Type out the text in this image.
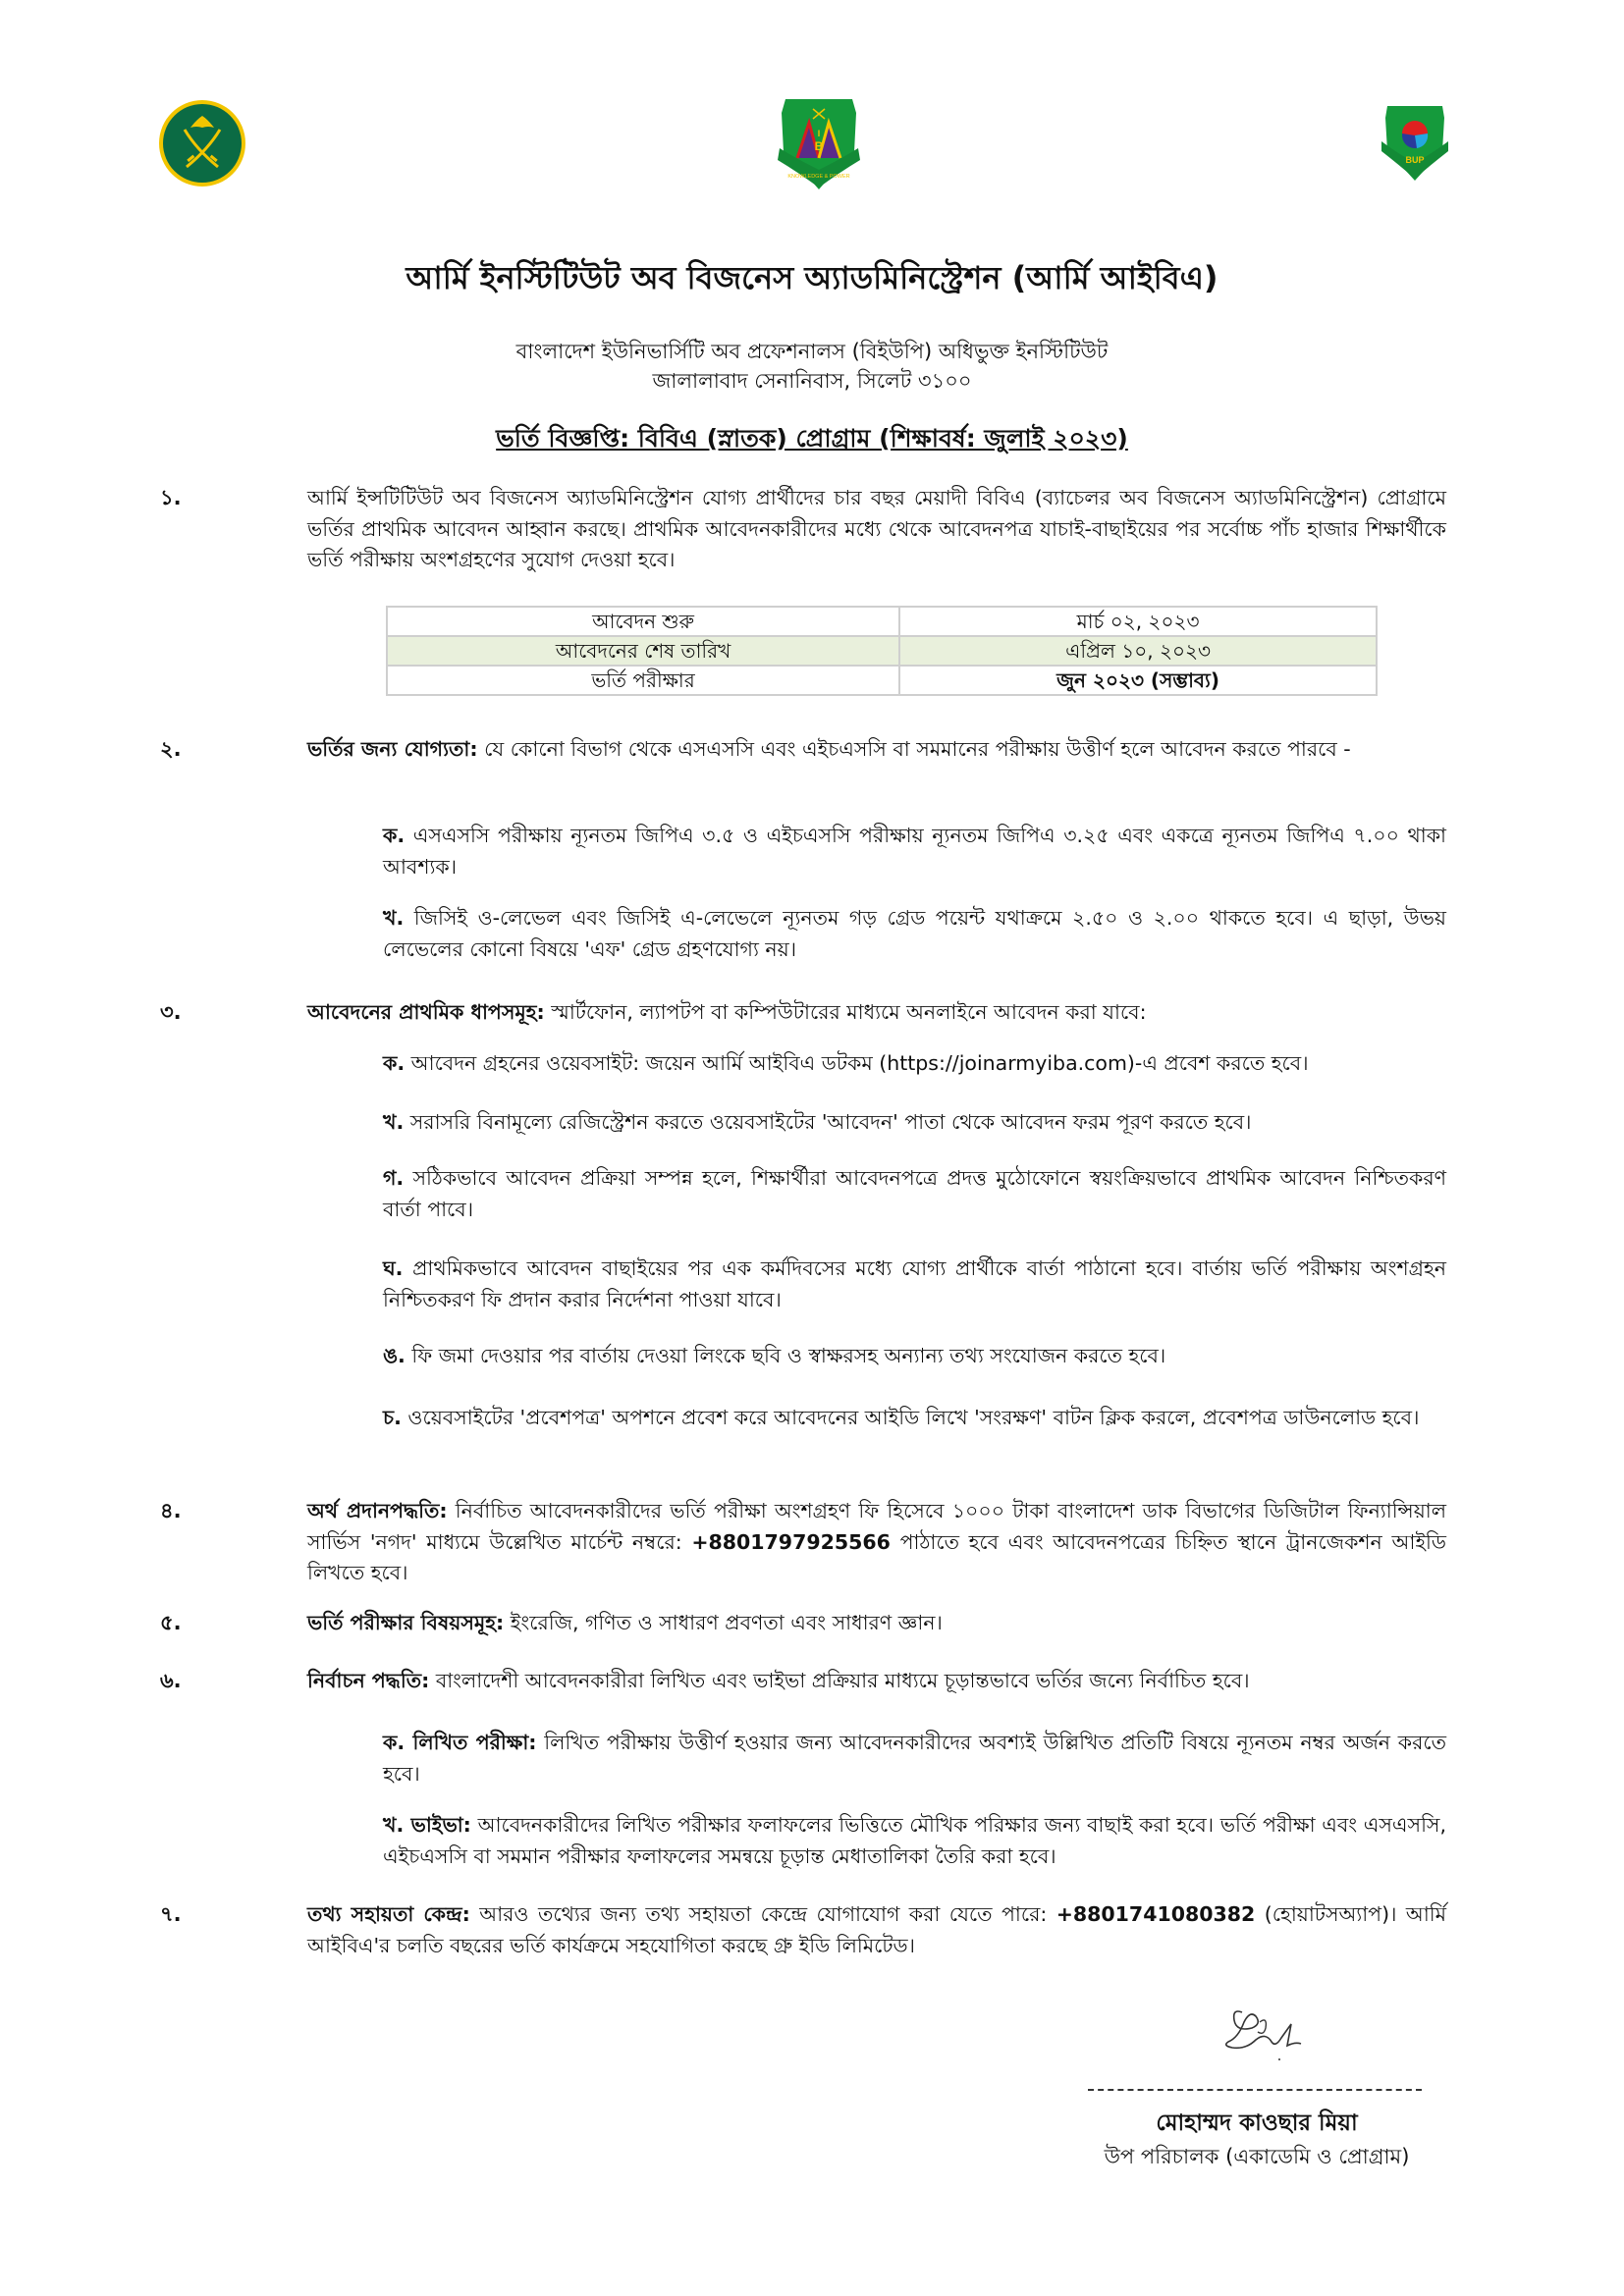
B
I
KNOWLEDGE & POWER
BUP
আর্মি ইনস্টিটিউট অব বিজনেস অ্যাডমিনিস্ট্রেশন (আর্মি আইবিএ)
বাংলাদেশ ইউনিভার্সিটি অব প্রফেশনালস (বিইউপি) অধিভুক্ত ইনস্টিটিউট
জালালাবাদ সেনানিবাস, সিলেট ৩১০০
ভর্তি বিজ্ঞপ্তি: বিবিএ (স্নাতক) প্রোগ্রাম (শিক্ষাবর্ষ: জুলাই ২০২৩)
১.	আর্মি ইন্সটিটিউট অব বিজনেস অ্যাডমিনিস্ট্রেশন যোগ্য প্রার্থীদের চার বছর মেয়াদী বিবিএ (ব্যাচেলর অব বিজনেস অ্যাডমিনিস্ট্রেশন) প্রোগ্রামে ভর্তির প্রাথমিক আবেদন আহ্বান করছে। প্রাথমিক আবেদনকারীদের মধ্যে থেকে আবেদনপত্র যাচাই-বাছাইয়ের পর সর্বোচ্চ পাঁচ হাজার শিক্ষার্থীকে ভর্তি পরীক্ষায় অংশগ্রহণের সুযোগ দেওয়া হবে।
আবেদন শুরু	মার্চ ০২, ২০২৩
আবেদনের শেষ তারিখ	এপ্রিল ১০, ২০২৩
ভর্তি পরীক্ষার	জুন ২০২৩ (সম্ভাব্য)
২.	ভর্তির জন্য যোগ্যতা: যে কোনো বিভাগ থেকে এসএসসি এবং এইচএসসি বা সমমানের পরীক্ষায় উত্তীর্ণ হলে আবেদন করতে পারবে -
ক. এসএসসি পরীক্ষায় ন্যূনতম জিপিএ ৩.৫ ও এইচএসসি পরীক্ষায় ন্যূনতম জিপিএ ৩.২৫ এবং একত্রে ন্যূনতম জিপিএ ৭.০০ থাকা আবশ্যক।
খ. জিসিই ও-লেভেল এবং জিসিই এ-লেভেলে ন্যূনতম গড় গ্রেড পয়েন্ট যথাক্রমে ২.৫০ ও ২.০০ থাকতে হবে। এ ছাড়া, উভয় লেভেলের কোনো বিষয়ে 'এফ' গ্রেড গ্রহণযোগ্য নয়।
৩.	আবেদনের প্রাথমিক ধাপসমূহ: স্মার্টফোন, ল্যাপটপ বা কম্পিউটারের মাধ্যমে অনলাইনে আবেদন করা যাবে:
ক. আবেদন গ্রহনের ওয়েবসাইট: জয়েন আর্মি আইবিএ ডটকম (https://joinarmyiba.com)-এ প্রবেশ করতে হবে।
খ. সরাসরি বিনামূল্যে রেজিস্ট্রেশন করতে ওয়েবসাইটের 'আবেদন' পাতা থেকে আবেদন ফরম পূরণ করতে হবে।
গ. সঠিকভাবে আবেদন প্রক্রিয়া সম্পন্ন হলে, শিক্ষার্থীরা আবেদনপত্রে প্রদত্ত মুঠোফোনে স্বয়ংক্রিয়ভাবে প্রাথমিক আবেদন নিশ্চিতকরণ বার্তা পাবে।
ঘ. প্রাথমিকভাবে আবেদন বাছাইয়ের পর এক কর্মদিবসের মধ্যে যোগ্য প্রার্থীকে বার্তা পাঠানো হবে। বার্তায় ভর্তি পরীক্ষায় অংশগ্রহন নিশ্চিতকরণ ফি প্রদান করার নির্দেশনা পাওয়া যাবে।
ঙ. ফি জমা দেওয়ার পর বার্তায় দেওয়া লিংকে ছবি ও স্বাক্ষরসহ অন্যান্য তথ্য সংযোজন করতে হবে।
চ. ওয়েবসাইটের 'প্রবেশপত্র' অপশনে প্রবেশ করে আবেদনের আইডি লিখে 'সংরক্ষণ' বাটন ক্লিক করলে, প্রবেশপত্র ডাউনলোড হবে।
৪.	অর্থ প্রদানপদ্ধতি: নির্বাচিত আবেদনকারীদের ভর্তি পরীক্ষা অংশগ্রহণ ফি হিসেবে ১০০০ টাকা বাংলাদেশ ডাক বিভাগের ডিজিটাল ফিন্যান্সিয়াল সার্ভিস 'নগদ' মাধ্যমে উল্লেখিত মার্চেন্ট নম্বরে: +8801797925566 পাঠাতে হবে এবং আবেদনপত্রের চিহ্নিত স্থানে ট্রানজেকশন আইডি লিখতে হবে।
৫.	ভর্তি পরীক্ষার বিষয়সমূহ: ইংরেজি, গণিত ও সাধারণ প্রবণতা এবং সাধারণ জ্ঞান।
৬.	নির্বাচন পদ্ধতি: বাংলাদেশী আবেদনকারীরা লিখিত এবং ভাইভা প্রক্রিয়ার মাধ্যমে চূড়ান্তভাবে ভর্তির জন্যে নির্বাচিত হবে।
ক. লিখিত পরীক্ষা: লিখিত পরীক্ষায় উত্তীর্ণ হওয়ার জন্য আবেদনকারীদের অবশ্যই উল্লিখিত প্রতিটি বিষয়ে ন্যূনতম নম্বর অর্জন করতে হবে।
খ. ভাইভা: আবেদনকারীদের লিখিত পরীক্ষার ফলাফলের ভিত্তিতে মৌখিক পরিক্ষার জন্য বাছাই করা হবে। ভর্তি পরীক্ষা এবং এসএসসি, এইচএসসি বা সমমান পরীক্ষার ফলাফলের সমন্বয়ে চূড়ান্ত মেধাতালিকা তৈরি করা হবে।
৭.	তথ্য সহায়তা কেন্দ্র: আরও তথ্যের জন্য তথ্য সহায়তা কেন্দ্রে যোগাযোগ করা যেতে পারে: +8801741080382 (হোয়াটসঅ্যাপ)। আর্মি আইবিএ'র চলতি বছরের ভর্তি কার্যক্রমে সহযোগিতা করছে গ্রু ইডি লিমিটেড।
মোহাম্মদ কাওছার মিয়া
উপ পরিচালক (একাডেমি ও প্রোগ্রাম)
